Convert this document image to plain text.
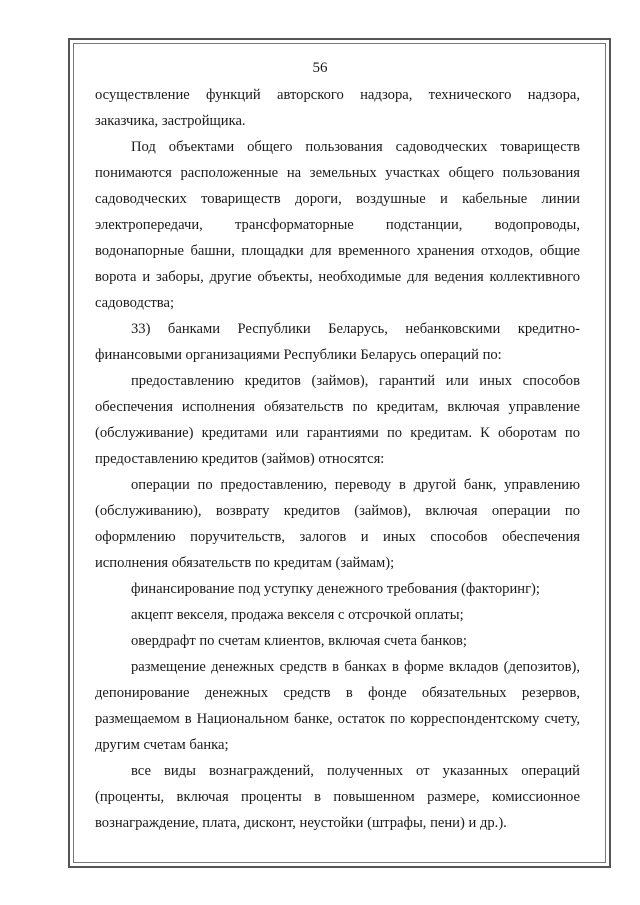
56

осуществление функций авторского надзора, технического надзора, заказчика, застройщика.

Под объектами общего пользования садоводческих товариществ понимаются расположенные на земельных участках общего пользования садоводческих товариществ дороги, воздушные и кабельные линии электропередачи, трансформаторные подстанции, водопроводы, водонапорные башни, площадки для временного хранения отходов, общие ворота и заборы, другие объекты, необходимые для ведения коллективного садоводства;

33) банками Республики Беларусь, небанковскими кредитно-финансовыми организациями Республики Беларусь операций по:

предоставлению кредитов (займов), гарантий или иных способов обеспечения исполнения обязательств по кредитам, включая управление (обслуживание) кредитами или гарантиями по кредитам. К оборотам по предоставлению кредитов (займов) относятся:

операции по предоставлению, переводу в другой банк, управлению (обслуживанию), возврату кредитов (займов), включая операции по оформлению поручительств, залогов и иных способов обеспечения исполнения обязательств по кредитам (займам);

финансирование под уступку денежного требования (факторинг);

акцепт векселя, продажа векселя с отсрочкой оплаты;

овердрафт по счетам клиентов, включая счета банков;

размещение денежных средств в банках в форме вкладов (депозитов), депонирование денежных средств в фонде обязательных резервов, размещаемом в Национальном банке, остаток по корреспондентскому счету, другим счетам банка;

все виды вознаграждений, полученных от указанных операций (проценты, включая проценты в повышенном размере, комиссионное вознаграждение, плата, дисконт, неустойки (штрафы, пени) и др.).
